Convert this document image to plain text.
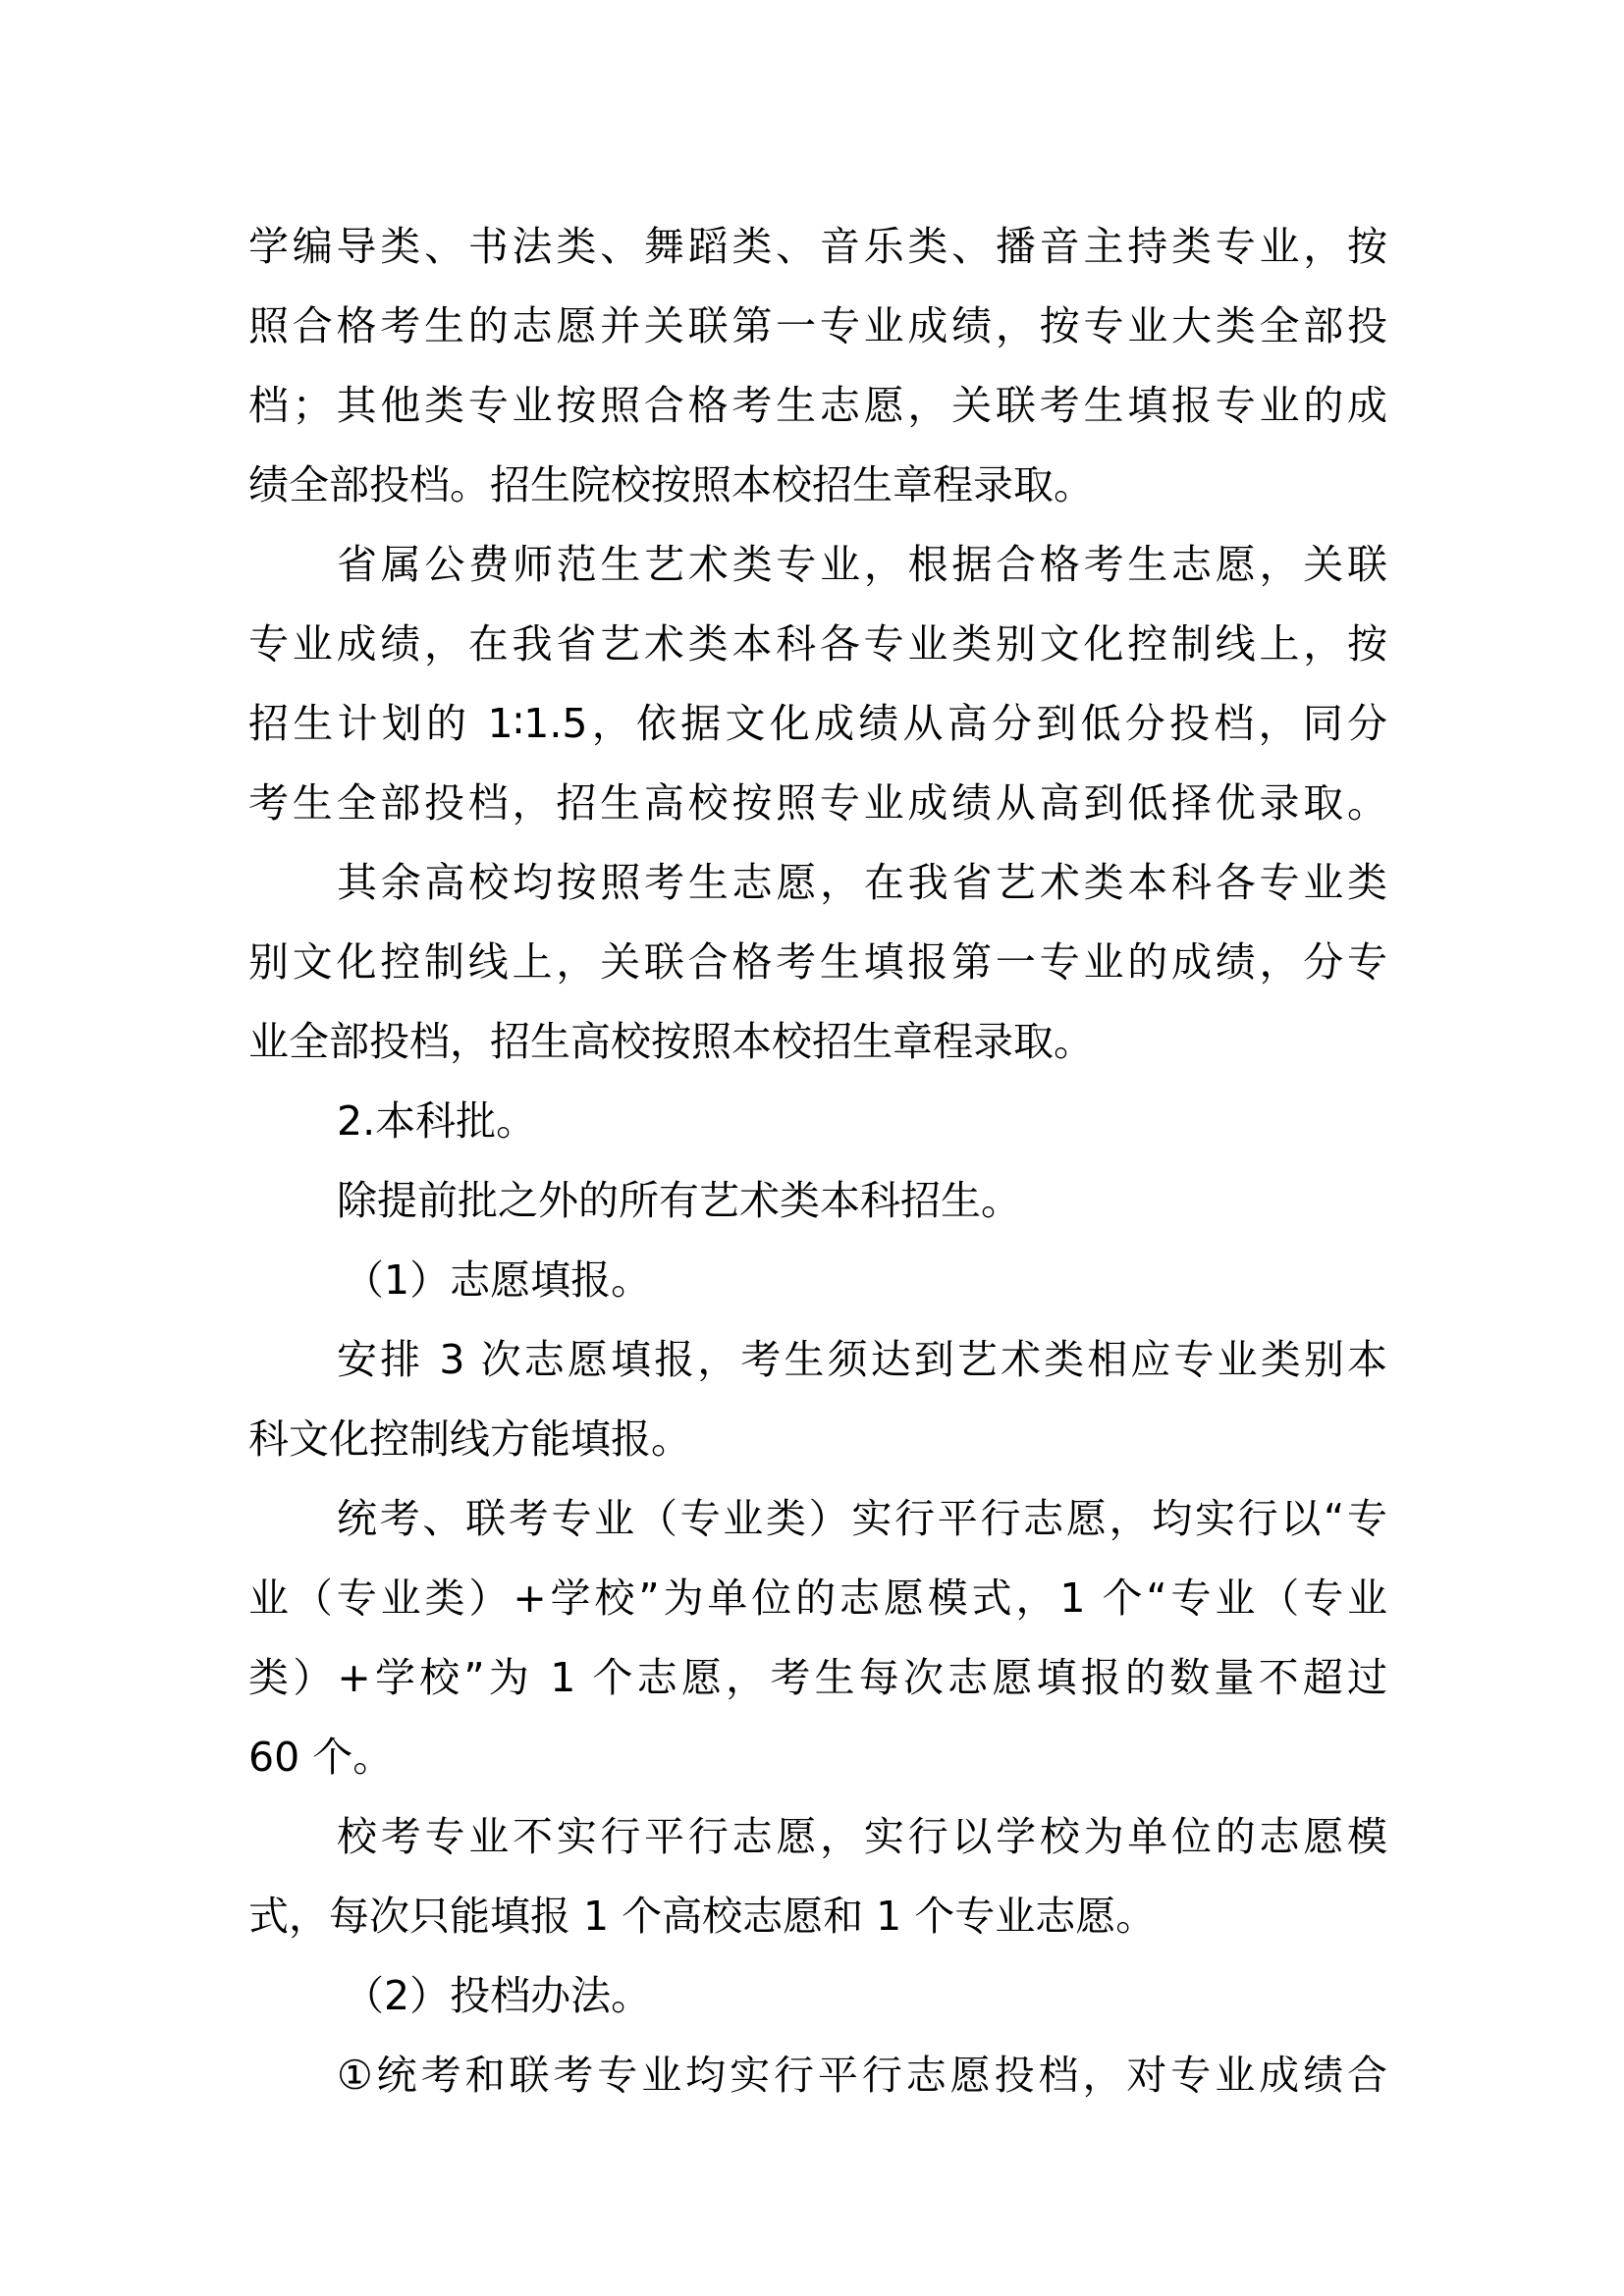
学编导类、书法类、舞蹈类、音乐类、播音主持类专业，按
照合格考生的志愿并关联第一专业成绩，按专业大类全部投
档；其他类专业按照合格考生志愿，关联考生填报专业的成
绩全部投档。招生院校按照本校招生章程录取。
省属公费师范生艺术类专业，根据合格考生志愿，关联
专业成绩，在我省艺术类本科各专业类别文化控制线上，按
招生计划的 1∶1.5，依据文化成绩从高分到低分投档，同分
考生全部投档，招生高校按照专业成绩从高到低择优录取。
其余高校均按照考生志愿，在我省艺术类本科各专业类
别文化控制线上，关联合格考生填报第一专业的成绩，分专
业全部投档，招生高校按照本校招生章程录取。
2.本科批。
除提前批之外的所有艺术类本科招生。
（1）志愿填报。
安排 3 次志愿填报，考生须达到艺术类相应专业类别本
科文化控制线方能填报。
统考、联考专业（专业类）实行平行志愿，均实行以“专
业（专业类）+学校”为单位的志愿模式，1 个“专业（专业
类）+学校”为 1 个志愿，考生每次志愿填报的数量不超过
60 个。
校考专业不实行平行志愿，实行以学校为单位的志愿模
式，每次只能填报 1 个高校志愿和 1 个专业志愿。
（2）投档办法。
①统考和联考专业均实行平行志愿投档，对专业成绩合
